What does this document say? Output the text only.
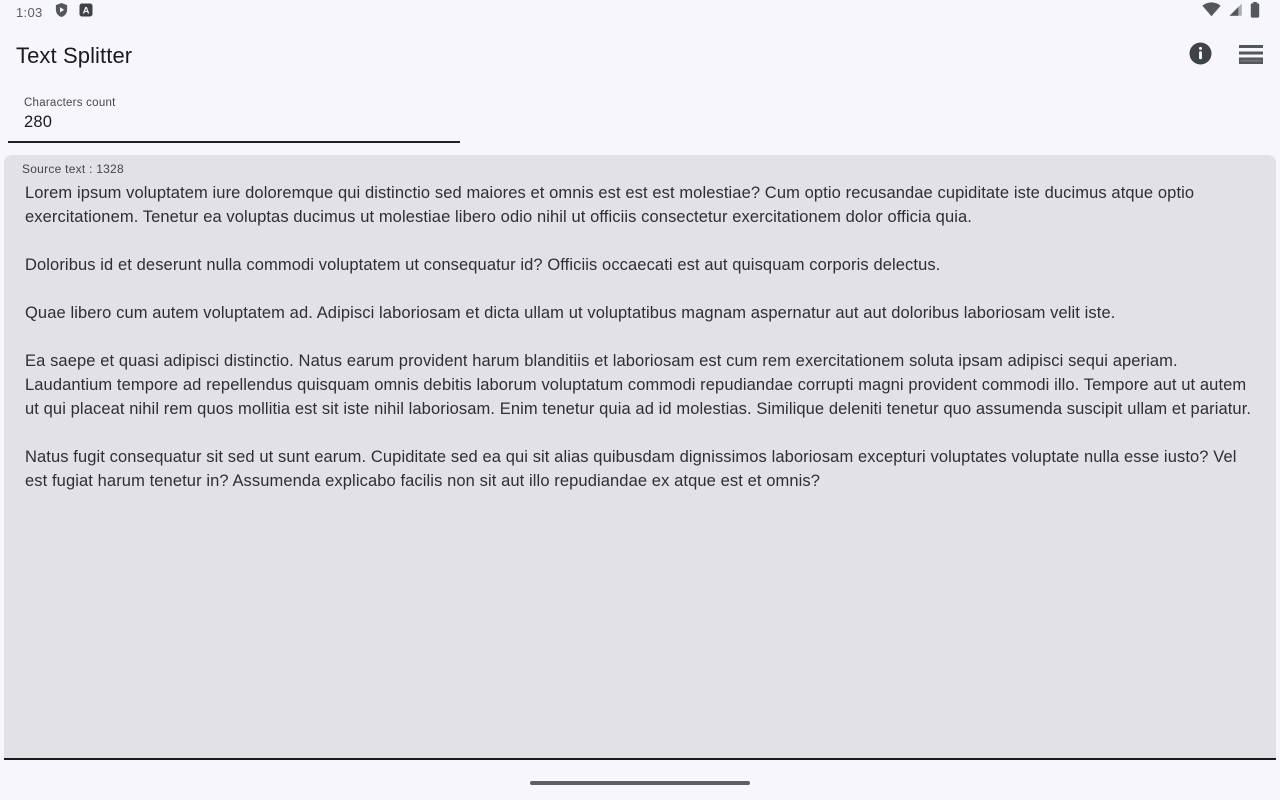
1:03	A
Text Splitter
Characters count
280
Source text : 1328

Lorem ipsum voluptatem iure doloremque qui distinctio sed maiores et omnis est est est molestiae? Cum optio recusandae cupiditate iste ducimus atque optio exercitationem. Tenetur ea voluptas ducimus ut molestiae libero odio nihil ut officiis consectetur exercitationem dolor officia quia.

Doloribus id et deserunt nulla commodi voluptatem ut consequatur id? Officiis occaecati est aut quisquam corporis delectus.

Quae libero cum autem voluptatem ad. Adipisci laboriosam et dicta ullam ut voluptatibus magnam aspernatur aut aut doloribus laboriosam velit iste.

Ea saepe et quasi adipisci distinctio. Natus earum provident harum blanditiis et laboriosam est cum rem exercitationem soluta ipsam adipisci sequi aperiam. Laudantium tempore ad repellendus quisquam omnis debitis laborum voluptatum commodi repudiandae corrupti magni provident commodi illo. Tempore aut ut autem ut qui placeat nihil rem quos mollitia est sit iste nihil laboriosam. Enim tenetur quia ad id molestias. Similique deleniti tenetur quo assumenda suscipit ullam et pariatur.

Natus fugit consequatur sit sed ut sunt earum. Cupiditate sed ea qui sit alias quibusdam dignissimos laboriosam excepturi voluptates voluptate nulla esse iusto? Vel est fugiat harum tenetur in? Assumenda explicabo facilis non sit aut illo repudiandae ex atque est et omnis?
